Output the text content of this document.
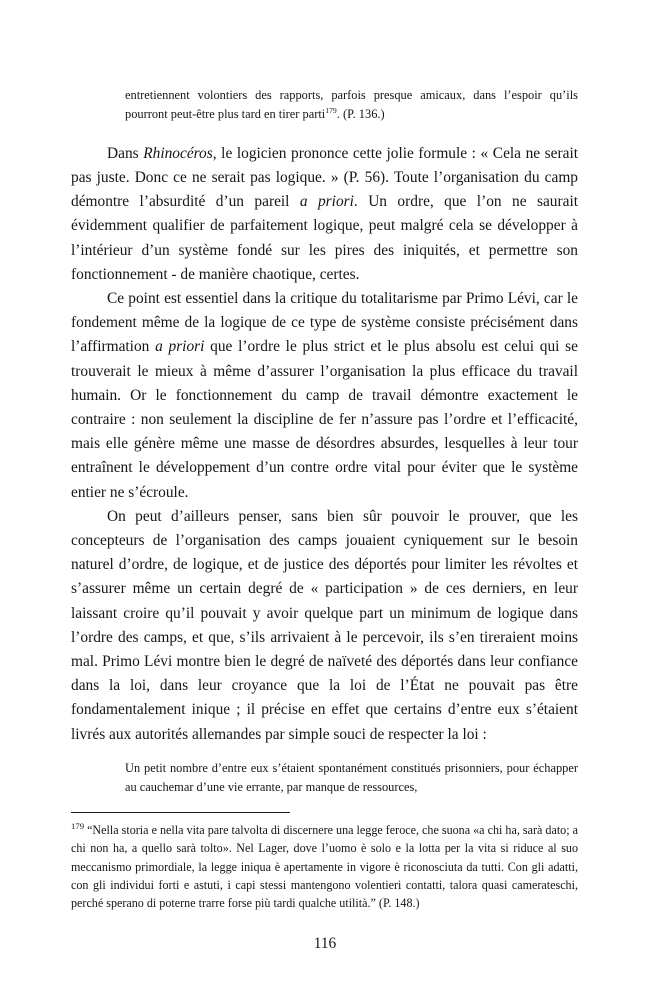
entretiennent volontiers des rapports, parfois presque amicaux, dans l’espoir qu’ils pourront peut-être plus tard en tirer parti$^{179}$. (P. 136.)

Dans Rhinocéros, le logicien prononce cette jolie formule : « Cela ne serait pas juste. Donc ce ne serait pas logique. » (P. 56). Toute l’organisation du camp démontre l’absurdité d’un pareil a priori. Un ordre, que l’on ne saurait évidemment qualifier de parfaitement logique, peut malgré cela se développer à l’intérieur d’un système fondé sur les pires des iniquités, et permettre son fonctionnement - de manière chaotique, certes.

Ce point est essentiel dans la critique du totalitarisme par Primo Lévi, car le fondement même de la logique de ce type de système consiste précisément dans l’affirmation a priori que l’ordre le plus strict et le plus absolu est celui qui se trouverait le mieux à même d’assurer l’organisation la plus efficace du travail humain. Or le fonctionnement du camp de travail démontre exactement le contraire : non seulement la discipline de fer n’assure pas l’ordre et l’efficacité, mais elle génère même une masse de désordres absurdes, lesquelles à leur tour entraînent le développement d’un contre ordre vital pour éviter que le système entier ne s’écroule.

On peut d’ailleurs penser, sans bien sûr pouvoir le prouver, que les concepteurs de l’organisation des camps jouaient cyniquement sur le besoin naturel d’ordre, de logique, et de justice des déportés pour limiter les révoltes et s’assurer même un certain degré de « participation » de ces derniers, en leur laissant croire qu’il pouvait y avoir quelque part un minimum de logique dans l’ordre des camps, et que, s’ils arrivaient à le percevoir, ils s’en tireraient moins mal. Primo Lévi montre bien le degré de naïveté des déportés dans leur confiance dans la loi, dans leur croyance que la loi de l’État ne pouvait pas être fondamentalement inique ; il précise en effet que certains d’entre eux s’étaient livrés aux autorités allemandes par simple souci de respecter la loi :

Un petit nombre d’entre eux s’étaient spontanément constitués prisonniers, pour échapper au cauchemar d’une vie errante, par manque de ressources,

$^{179}$ “Nella storia e nella vita pare talvolta di discernere una legge feroce, che suona «a chi ha, sarà dato; a chi non ha, a quello sarà tolto». Nel Lager, dove l’uomo è solo e la lotta per la vita si riduce al suo meccanismo primordiale, la legge iniqua è apertamente in vigore è riconosciuta da tutti. Con gli adatti, con gli individui forti e astuti, i capi stessi mantengono volentieri contatti, talora quasi camerateschi, perché sperano di poterne trarre forse più tardi qualche utilità.” (P. 148.)

116
